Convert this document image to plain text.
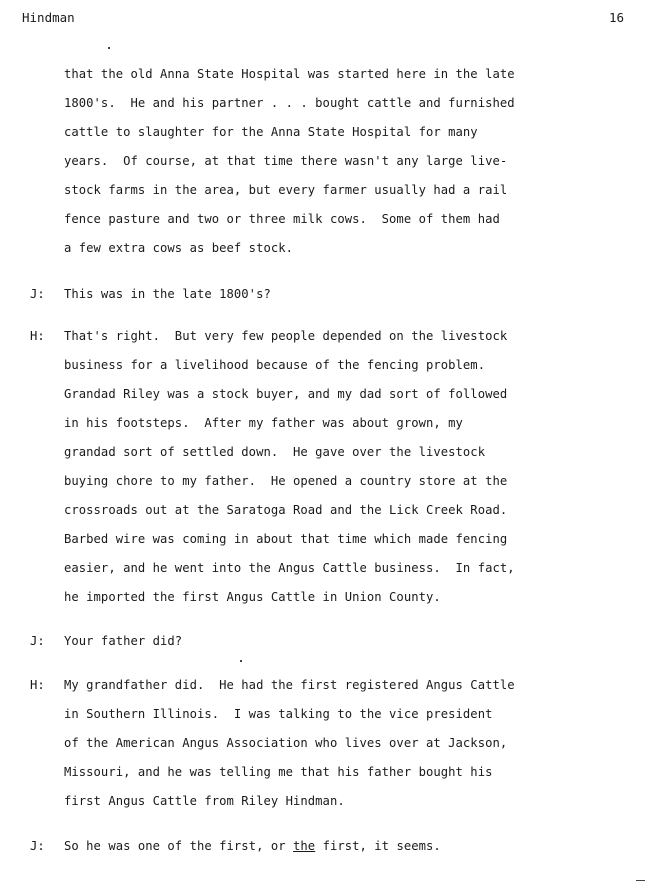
Hindman	16
that the old Anna State Hospital was started here in the late
1800's.  He and his partner . . . bought cattle and furnished
cattle to slaughter for the Anna State Hospital for many
years.  Of course, at that time there wasn't any large live-
stock farms in the area, but every farmer usually had a rail
fence pasture and two or three milk cows.  Some of them had
a few extra cows as beef stock.
J: This was in the late 1800's?
H: That's right.  But very few people depended on the livestock
business for a livelihood because of the fencing problem.
Grandad Riley was a stock buyer, and my dad sort of followed
in his footsteps.  After my father was about grown, my
grandad sort of settled down.  He gave over the livestock
buying chore to my father.  He opened a country store at the
crossroads out at the Saratoga Road and the Lick Creek Road.
Barbed wire was coming in about that time which made fencing
easier, and he went into the Angus Cattle business.  In fact,
he imported the first Angus Cattle in Union County.
J: Your father did?
H: My grandfather did.  He had the first registered Angus Cattle
in Southern Illinois.  I was talking to the vice president
of the American Angus Association who lives over at Jackson,
Missouri, and he was telling me that his father bought his
first Angus Cattle from Riley Hindman.
J: So he was one of the first, or the first, it seems.
